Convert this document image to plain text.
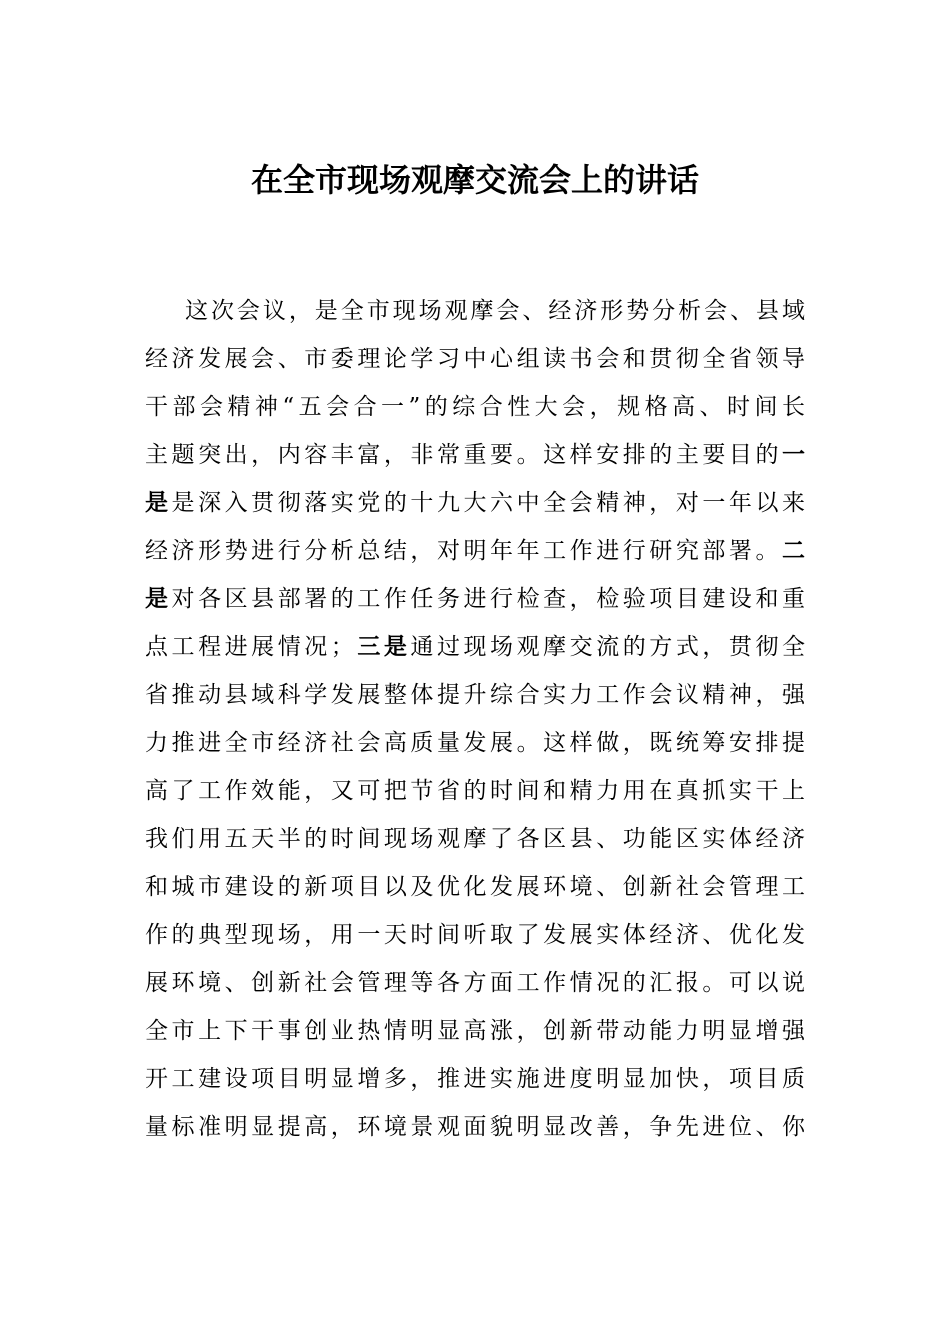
在全市现场观摩交流会上的讲话
这次会议，是全市现场观摩会、经济形势分析会、县域
经济发展会、市委理论学习中心组读书会和贯彻全省领导
干部会精神“五会合一”的综合性大会，规格高、时间长
主题突出，内容丰富，非常重要。这样安排的主要目的一
是是深入贯彻落实党的十九大六中全会精神，对一年以来
经济形势进行分析总结，对明年年工作进行研究部署。二
是对各区县部署的工作任务进行检查，检验项目建设和重
点工程进展情况；三是通过现场观摩交流的方式，贯彻全
省推动县域科学发展整体提升综合实力工作会议精神，强
力推进全市经济社会高质量发展。这样做，既统筹安排提
高了工作效能，又可把节省的时间和精力用在真抓实干上
我们用五天半的时间现场观摩了各区县、功能区实体经济
和城市建设的新项目以及优化发展环境、创新社会管理工
作的典型现场，用一天时间听取了发展实体经济、优化发
展环境、创新社会管理等各方面工作情况的汇报。可以说
全市上下干事创业热情明显高涨，创新带动能力明显增强
开工建设项目明显增多，推进实施进度明显加快，项目质
量标准明显提高，环境景观面貌明显改善，争先进位、你
